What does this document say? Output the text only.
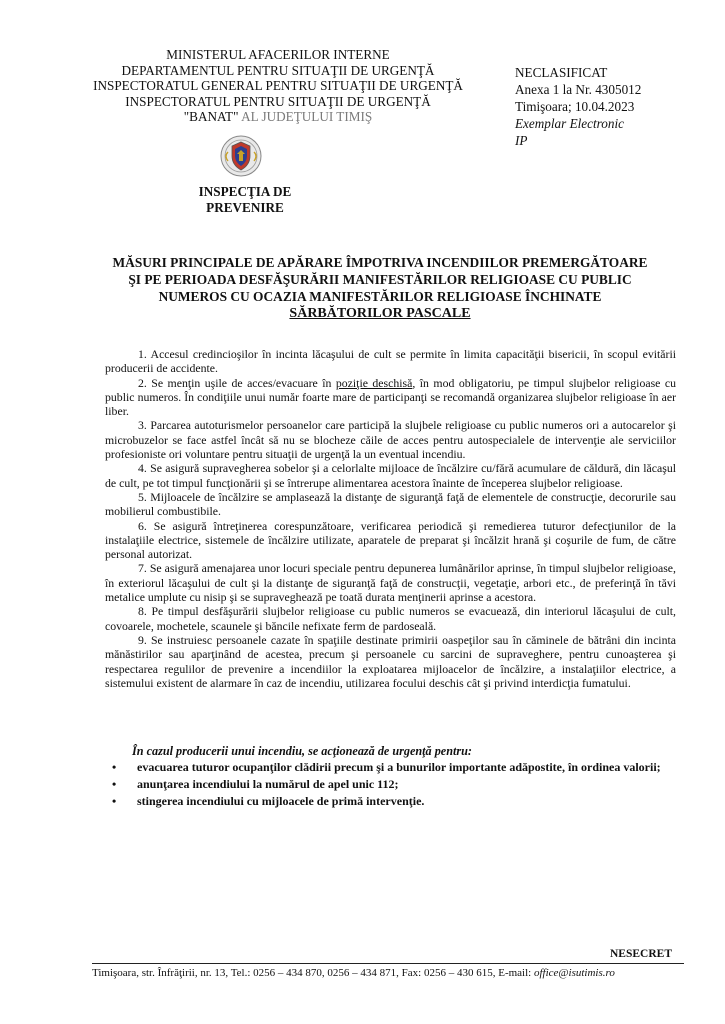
MINISTERUL AFACERILOR INTERNE
DEPARTAMENTUL PENTRU SITUAŢII DE URGENŢĂ
INSPECTORATUL GENERAL PENTRU SITUAŢII DE URGENŢĂ
INSPECTORATUL PENTRU SITUAŢII DE URGENŢĂ
"BANAT" AL JUDEŢULUI TIMIŞ
NECLASIFICAT
Anexa 1 la Nr. 4305012
Timişoara; 10.04.2023
Exemplar Electronic
IP
INSPECŢIA DE PREVENIRE
MĂSURI PRINCIPALE DE APĂRARE ÎMPOTRIVA INCENDIILOR PREMERGĂTOARE
ŞI PE PERIOADA DESFĂŞURĂRII MANIFESTĂRILOR RELIGIOASE CU PUBLIC
NUMEROS CU OCAZIA MANIFESTĂRILOR RELIGIOASE ÎNCHINATE
SĂRBĂTORILOR PASCALE

1. Accesul credincioşilor în incinta lăcaşului de cult se permite în limita capacităţii bisericii, în scopul evitării producerii de accidente.

2. Se menţin uşile de acces/evacuare în poziţie deschisă, în mod obligatoriu, pe timpul slujbelor religioase cu public numeros. În condiţiile unui număr foarte mare de participanţi se recomandă organizarea slujbelor religioase în aer liber.

3. Parcarea autoturismelor persoanelor care participă la slujbele religioase cu public numeros ori a autocarelor şi microbuzelor se face astfel încât să nu se blocheze căile de acces pentru autospecialele de intervenţie ale serviciilor profesioniste ori voluntare pentru situaţii de urgenţă la un eventual incendiu.

4. Se asigură supravegherea sobelor şi a celorlalte mijloace de încălzire cu/fără acumulare de căldură, din lăcaşul de cult, pe tot timpul funcţionării şi se întrerupe alimentarea acestora înainte de începerea slujbelor religioase.

5. Mijloacele de încălzire se amplasează la distanţe de siguranţă faţă de elementele de construcţie, decorurile sau mobilierul combustibile.

6. Se asigură întreţinerea corespunzătoare, verificarea periodică şi remedierea tuturor defecţiunilor de la instalaţiile electrice, sistemele de încălzire utilizate, aparatele de preparat şi încălzit hrană şi coşurile de fum, de către personal autorizat.

7. Se asigură amenajarea unor locuri speciale pentru depunerea lumânărilor aprinse, în timpul slujbelor religioase, în exteriorul lăcaşului de cult şi la distanţe de siguranţă faţă de construcţii, vegetaţie, arbori etc., de preferinţă în tăvi metalice umplute cu nisip şi se supraveghează pe toată durata menţinerii aprinse a acestora.

8. Pe timpul desfăşurării slujbelor religioase cu public numeros se evacuează, din interiorul lăcaşului de cult, covoarele, mochetele, scaunele şi băncile nefixate ferm de pardoseală.

9. Se instruiesc persoanele cazate în spaţiile destinate primirii oaspeţilor sau în căminele de bătrâni din incinta mănăstirilor sau aparţinând de acestea, precum şi persoanele cu sarcini de supraveghere, pentru cunoaşterea şi respectarea regulilor de prevenire a incendiilor la exploatarea mijloacelor de încălzire, a instalaţiilor electrice, a sistemului existent de alarmare în caz de incendiu, utilizarea focului deschis cât şi privind interdicţia fumatului.

În cazul producerii unui incendiu, se acţionează de urgenţă pentru:
• evacuarea tuturor ocupanţilor clădirii precum şi a bunurilor importante adăpostite, în ordinea valorii;
• anunţarea incendiului la numărul de apel unic 112;
• stingerea incendiului cu mijloacele de primă intervenţie.
NESECRET
Timişoara, str. Înfrăţirii, nr. 13, Tel.: 0256 – 434 870, 0256 – 434 871, Fax: 0256 – 430 615, E-mail: office@isutimis.ro
